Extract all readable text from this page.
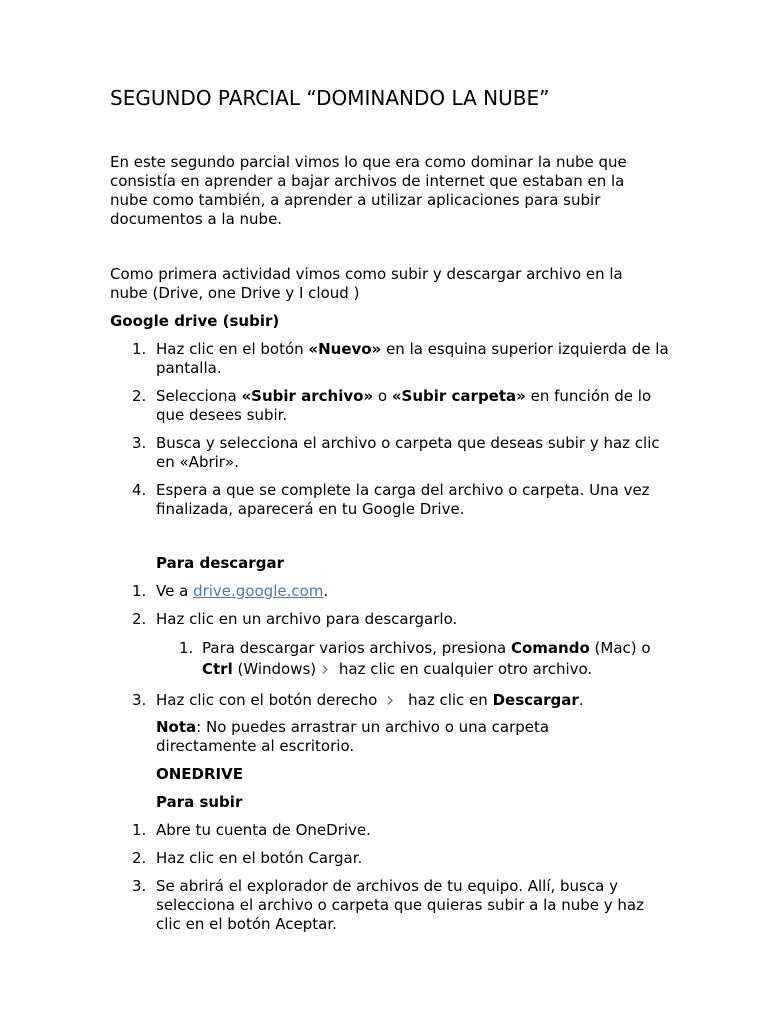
SEGUNDO PARCIAL “DOMINANDO LA NUBE”

En este segundo parcial vimos lo que era como dominar la nube que consistía en aprender a bajar archivos de internet que estaban en la nube como también, a aprender a utilizar aplicaciones para subir documentos a la nube.

Como primera actividad vimos como subir y descargar archivo en la nube (Drive, one Drive y I cloud )

Google drive (subir)

1. Haz clic en el botón «Nuevo» en la esquina superior izquierda de la pantalla.
2. Selecciona «Subir archivo» o «Subir carpeta» en función de lo que desees subir.
3. Busca y selecciona el archivo o carpeta que deseas subir y haz clic en «Abrir».
4. Espera a que se complete la carga del archivo o carpeta. Una vez finalizada, aparecerá en tu Google Drive.

Para descargar

1. Ve a drive.google.com.
2. Haz clic en un archivo para descargarlo.
1. Para descargar varios archivos, presiona Comando (Mac) o Ctrl (Windows) haz clic en cualquier otro archivo.
3. Haz clic con el botón derecho haz clic en Descargar.

Nota: No puedes arrastrar un archivo o una carpeta directamente al escritorio.

ONEDRIVE

Para subir

1. Abre tu cuenta de OneDrive.
2. Haz clic en el botón Cargar.
3. Se abrirá el explorador de archivos de tu equipo. Allí, busca y selecciona el archivo o carpeta que quieras subir a la nube y haz clic en el botón Aceptar.
